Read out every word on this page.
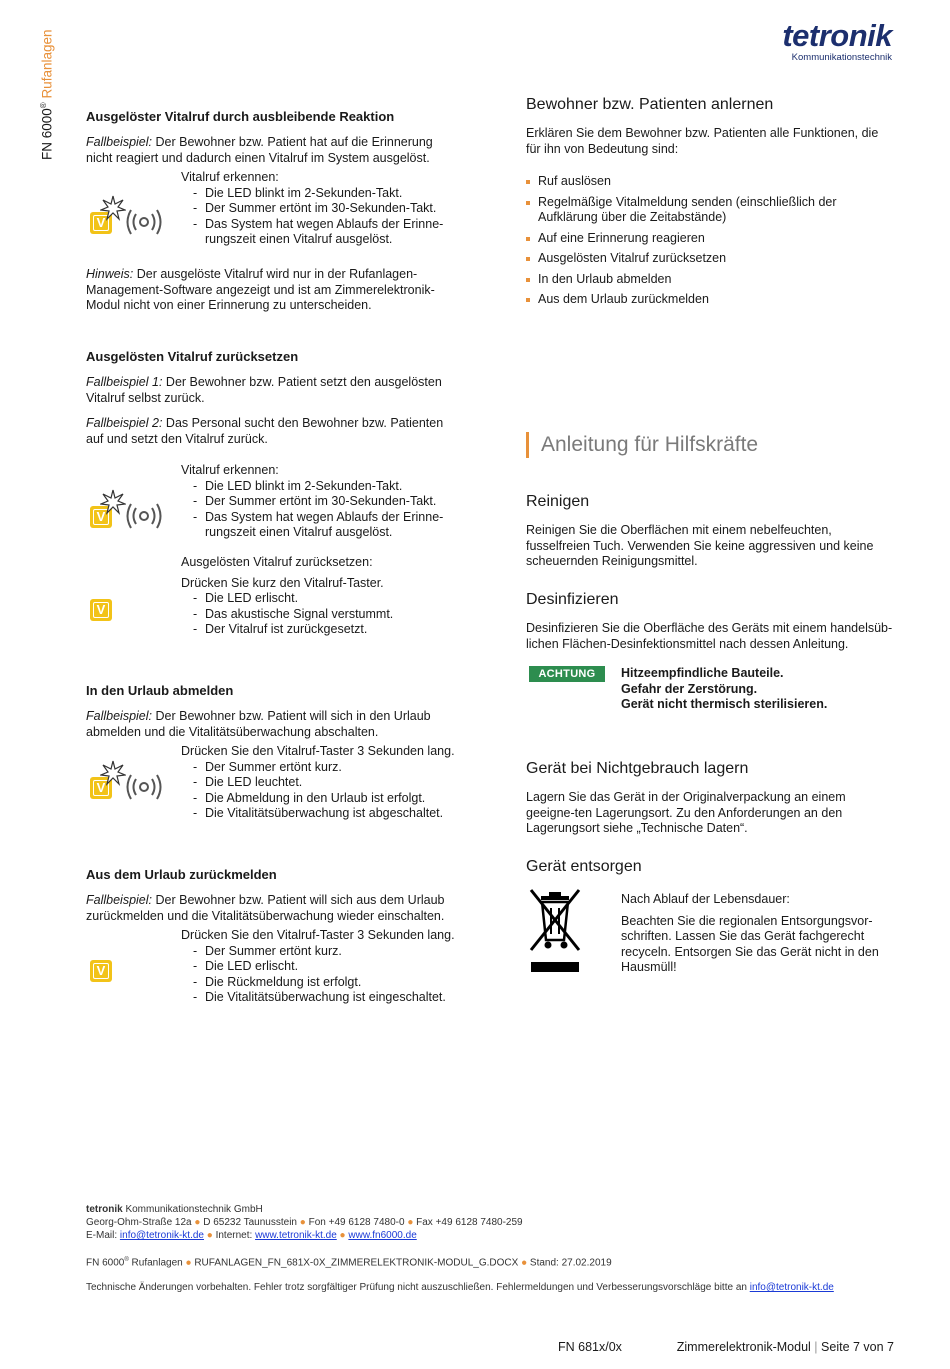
FN 6000® Rufanlagen	tetronik
Kommunikationstechnik
Ausgelöster Vitalruf durch ausbleibende Reaktion

Fallbeispiel: Der Bewohner bzw. Patient hat auf die Erinnerung nicht reagiert und dadurch einen Vitalruf im System ausgelöst.

Vitalruf erkennen:
- Die LED blinkt im 2-Sekunden-Takt.
- Der Summer ertönt im 30-Sekunden-Takt.
- Das System hat wegen Ablaufs der Erinne-rungszeit einen Vitalruf ausgelöst.
V

Hinweis: Der ausgelöste Vitalruf wird nur in der Rufanlagen-Management-Software angezeigt und ist am Zimmerelektronik-Modul nicht von einer Erinnerung zu unterscheiden.

Ausgelösten Vitalruf zurücksetzen

Fallbeispiel 1: Der Bewohner bzw. Patient setzt den ausgelösten Vitalruf selbst zurück.

Fallbeispiel 2: Das Personal sucht den Bewohner bzw. Patienten auf und setzt den Vitalruf zurück.

Vitalruf erkennen:
- Die LED blinkt im 2-Sekunden-Takt.
- Der Summer ertönt im 30-Sekunden-Takt.
- Das System hat wegen Ablaufs der Erinne-rungszeit einen Vitalruf ausgelöst.
V
Ausgelösten Vitalruf zurücksetzen:
Drücken Sie kurz den Vitalruf-Taster.
- Die LED erlischt.
- Das akustische Signal verstummt.
- Der Vitalruf ist zurückgesetzt.
V
In den Urlaub abmelden

Fallbeispiel: Der Bewohner bzw. Patient will sich in den Urlaub abmelden und die Vitalitätsüberwachung abschalten.

Drücken Sie den Vitalruf-Taster 3 Sekunden lang.
- Der Summer ertönt kurz.
- Die LED leuchtet.
- Die Abmeldung in den Urlaub ist erfolgt.
- Die Vitalitätsüberwachung ist abgeschaltet.
V
Aus dem Urlaub zurückmelden

Fallbeispiel: Der Bewohner bzw. Patient will sich aus dem Urlaub zurückmelden und die Vitalitätsüberwachung wieder einschalten.

Drücken Sie den Vitalruf-Taster 3 Sekunden lang.
- Der Summer ertönt kurz.
- Die LED erlischt.
- Die Rückmeldung ist erfolgt.
- Die Vitalitätsüberwachung ist eingeschaltet.
V
Bewohner bzw. Patienten anlernen

Erklären Sie dem Bewohner bzw. Patienten alle Funktionen, die für ihn von Bedeutung sind:

Ruf auslösen
Regelmäßige Vitalmeldung senden (einschließlich der Aufklärung über die Zeitabstände)
Auf eine Erinnerung reagieren
Ausgelösten Vitalruf zurücksetzen
In den Urlaub abmelden
Aus dem Urlaub zurückmelden
Anleitung für Hilfskräfte
Reinigen

Reinigen Sie die Oberflächen mit einem nebelfeuchten, fusselfreien Tuch. Verwenden Sie keine aggressiven und keine scheuernden Reinigungsmittel.

Desinfizieren

Desinfizieren Sie die Oberfläche des Geräts mit einem handelsüb-lichen Flächen-Desinfektionsmittel nach dessen Anleitung.

ACHTUNG	Hitzeempfindliche Bauteile.
Gefahr der Zerstörung.
Gerät nicht thermisch sterilisieren.
Gerät bei Nichtgebrauch lagern

Lagern Sie das Gerät in der Originalverpackung an einem geeigne-ten Lagerungsort. Zu den Anforderungen an den Lagerungsort siehe „Technische Daten“.

Gerät entsorgen
Nach Ablauf der Lebensdauer:

Beachten Sie die regionalen Entsorgungsvor-schriften. Lassen Sie das Gerät fachgerecht recyceln. Entsorgen Sie das Gerät nicht in den Hausmüll!

tetronik Kommunikationstechnik GmbH
Georg-Ohm-Straße 12a ● D 65232 Taunusstein ● Fon +49 6128 7480-0 ● Fax +49 6128 7480-259
E-Mail: info@tetronik-kt.de ● Internet: www.tetronik-kt.de ● www.fn6000.de
FN 6000® Rufanlagen ● RUFANLAGEN_FN_681X-0X_ZIMMERELEKTRONIK-MODUL_G.DOCX ● Stand: 27.02.2019
Technische Änderungen vorbehalten. Fehler trotz sorgfältiger Prüfung nicht auszuschließen. Fehlermeldungen und Verbesserungsvorschläge bitte an info@tetronik-kt.de
FN 681x/0x	Zimmerelektronik-Modul | Seite 7 von 7
